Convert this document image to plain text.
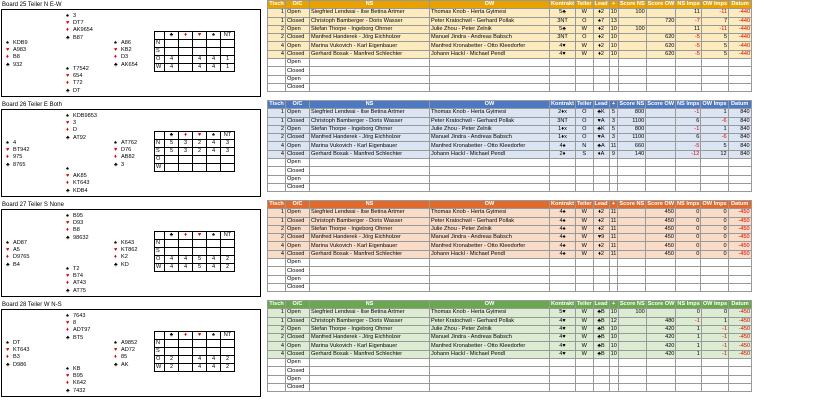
Board 25 Teiler N E-W
♠ 3
♥ DT7
♦ AK9654
♣ B87
♠ KDB9
♥ A983
♦ B8
♣ 932
♠ A86
♥ KB2
♦ D3
♣ AK654
♠ T7542
♥ 654
♦ T72
♣ DT
	♣	♦	♥	♠	NT
N					
S					
O	4		4	4	1
W	4		4	4	1
Tisch	O/C	NS	OW	Kontrakt	Teiler	Lead	+	Score NS	Score OW	NS Imps	OW Imps	Datum
1	Open	Siegfried Lendwai - Ilse Betina Artmer	Thomas Knob - Herta Gyimesi	5♣	W	♦2	10	100		11	-11	-440
1	Closed	Christoph Bamberger - Doris Wasser	Peter Kratochwil - Gerhard Pollak	3NT	O	♠7	13		720	-7	7	-440
2	Open	Stefan Thorpe - Ingeborg Ohrner	Julie Zhou - Peter Zelnik	5♣	W	♦2	10	100		11	-11	-440
2	Closed	Manfred Handerek - Jörg Eichholzer	Manuel Jindra - Andreas Babsch	3NT	O	♦2	10		620	-5	5	-440
4	Open	Marina Vukovich - Karl Eigenbauer	Manfred Kronabetter - Otto Kleedorfer	4♥	W	♦2	10		620	-5	5	-440
4	Closed	Gerhard Bosak - Manfred Schlechter	Johann Hackl - Michael Pendl	4♥	W	♦2	10		620	-5	5	-440
	Open											
	Closed											
	Open											
	Closed											
Board 26 Teiler E Both
♠ KDB9853
♥ 3
♦ D
♣ AT92
♠ 4
♥ BT942
♦ 975
♣ 8765
♠ AT762
♥ D76
♦ AB82
♣ 3
♠
♥ AK85
♦ KT643
♣ KDB4
	♣	♦	♥	♠	NT
N	5	3	2	4	3
S	5	3	2	4	3
O					
W					
Tisch	O/C	NS	OW	Kontrakt	Teiler	Lead	+	Score NS	Score OW	NS Imps	OW Imps	Datum
1	Open	Siegfried Lendwai - Ilse Betina Artmer	Thomas Knob - Herta Gyimesi	2♦x	O	♣K	5	800		-1	1	840
1	Closed	Christoph Bamberger - Doris Wasser	Peter Kratochwil - Gerhard Pollak	3NT	O	♥A	3	1100		6	-6	840
2	Open	Stefan Thorpe - Ingeborg Ohrner	Julie Zhou - Peter Zelnik	1♦x	O	♣K	5	800		-1	1	840
2	Closed	Manfred Handerek - Jörg Eichholzer	Manuel Jindra - Andreas Babsch	1♦x	O	♥A	3	1100		6	-6	840
4	Open	Marina Vukovich - Karl Eigenbauer	Manfred Kronabetter - Otto Kleedorfer	4♠	N	♣A	11	660		-5	5	840
4	Closed	Gerhard Bosak - Manfred Schlechter	Johann Hackl - Michael Pendl	2♦	S	♦A	9	140		-12	12	840
	Open											
	Closed											
	Open											
	Closed											
Board 27 Teiler S None
♠ B95
♥ D93
♦ B8
♣ 98632
♠ AD87
♥ A5
♦ D9765
♣ B4
♠ K643
♥ KT862
♦ K2
♣ KD
♠ T2
♥ B74
♦ AT43
♣ AT75
	♣	♦	♥	♠	NT
N					
S					
O	4	4	5	4	2
W	4	4	5	4	2
Tisch	O/C	NS	OW	Kontrakt	Teiler	Lead	+	Score NS	Score OW	NS Imps	OW Imps	Datum
1	Open	Siegfried Lendwai - Ilse Betina Artmer	Thomas Knob - Herta Gyimesi	4♠	W	♦2	11		450	0	0	-450
1	Closed	Christoph Bamberger - Doris Wasser	Peter Kratochwil - Gerhard Pollak	4♠	W	♦2	11		450	0	0	-450
2	Open	Stefan Thorpe - Ingeborg Ohrner	Julie Zhou - Peter Zelnik	4♠	W	♦2	11		450	0	0	-450
2	Closed	Manfred Handerek - Jörg Eichholzer	Manuel Jindra - Andreas Babsch	4♠	W	♥9	11		450	0	0	-450
4	Open	Marina Vukovich - Karl Eigenbauer	Manfred Kronabetter - Otto Kleedorfer	4♠	W	♦2	11		450	0	0	-450
4	Closed	Gerhard Bosak - Manfred Schlechter	Johann Hackl - Michael Pendl	4♠	W	♦2	11		450	0	0	-450
	Open											
	Closed											
	Open											
	Closed											
Board 28 Teiler W N-S
♠ 7643
♥ 8
♦ ADT97
♣ BT5
♠ DT
♥ KT643
♦ B3
♣ D986
♠ A9852
♥ AD72
♦ 85
♣ AK
♠ KB
♥ B95
♦ K642
♣ 7432
	♣	♦	♥	♠	NT
N					
S					
O	2		4	4	2
W	2		4	4	2
Tisch	O/C	NS	OW	Kontrakt	Teiler	Lead	+	Score NS	Score OW	NS Imps	OW Imps	Datum
1	Open	Siegfried Lendwai - Ilse Betina Artmer	Thomas Knob - Herta Gyimesi	5♥	W	♣B	10	100		0	0	-450
1	Closed	Christoph Bamberger - Doris Wasser	Peter Kratochwil - Gerhard Pollak	4♥	W	♣B	12		480	-1	1	-450
2	Open	Stefan Thorpe - Ingeborg Ohrner	Julie Zhou - Peter Zelnik	4♥	W	♣B	10		420	1	-1	-450
2	Closed	Manfred Handerek - Jörg Eichholzer	Manuel Jindra - Andreas Babsch	4♥	W	♣B	10		420	1	-1	-450
4	Open	Marina Vukovich - Karl Eigenbauer	Manfred Kronabetter - Otto Kleedorfer	4♥	W	♣B	10		420	1	-1	-450
4	Closed	Gerhard Bosak - Manfred Schlechter	Johann Hackl - Michael Pendl	4♥	W	♣B	10		420	1	-1	-450
	Open											
	Closed											
	Open											
	Closed											
